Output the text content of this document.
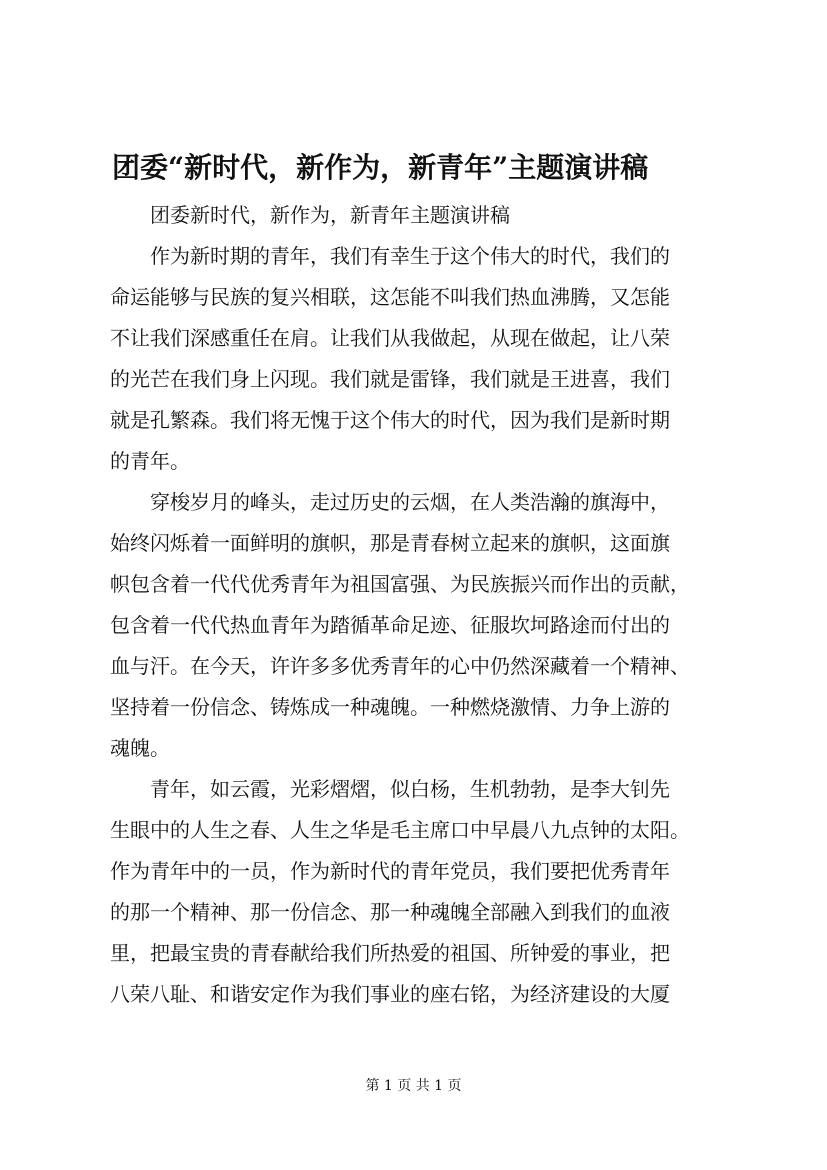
团委“新时代，新作为，新青年”主题演讲稿

团委新时代，新作为，新青年主题演讲稿

作为新时期的青年，我们有幸生于这个伟大的时代，我们的
命运能够与民族的复兴相联，这怎能不叫我们热血沸腾，又怎能
不让我们深感重任在肩。让我们从我做起，从现在做起，让八荣
的光芒在我们身上闪现。我们就是雷锋，我们就是王进喜，我们
就是孔繁森。我们将无愧于这个伟大的时代，因为我们是新时期
的青年。

穿梭岁月的峰头，走过历史的云烟，在人类浩瀚的旗海中，
始终闪烁着一面鲜明的旗帜，那是青春树立起来的旗帜，这面旗
帜包含着一代代优秀青年为祖国富强、为民族振兴而作出的贡献，
包含着一代代热血青年为踏循革命足迹、征服坎坷路途而付出的
血与汗。在今天，许许多多优秀青年的心中仍然深藏着一个精神、
坚持着一份信念、铸炼成一种魂魄。一种燃烧激情、力争上游的
魂魄。

青年，如云霞，光彩熠熠，似白杨，生机勃勃，是李大钊先
生眼中的人生之春、人生之华是毛主席口中早晨八九点钟的太阳。
作为青年中的一员，作为新时代的青年党员，我们要把优秀青年
的那一个精神、那一份信念、那一种魂魄全部融入到我们的血液
里，把最宝贵的青春献给我们所热爱的祖国、所钟爱的事业，把
八荣八耻、和谐安定作为我们事业的座右铭，为经济建设的大厦

第 1 页 共 1 页
